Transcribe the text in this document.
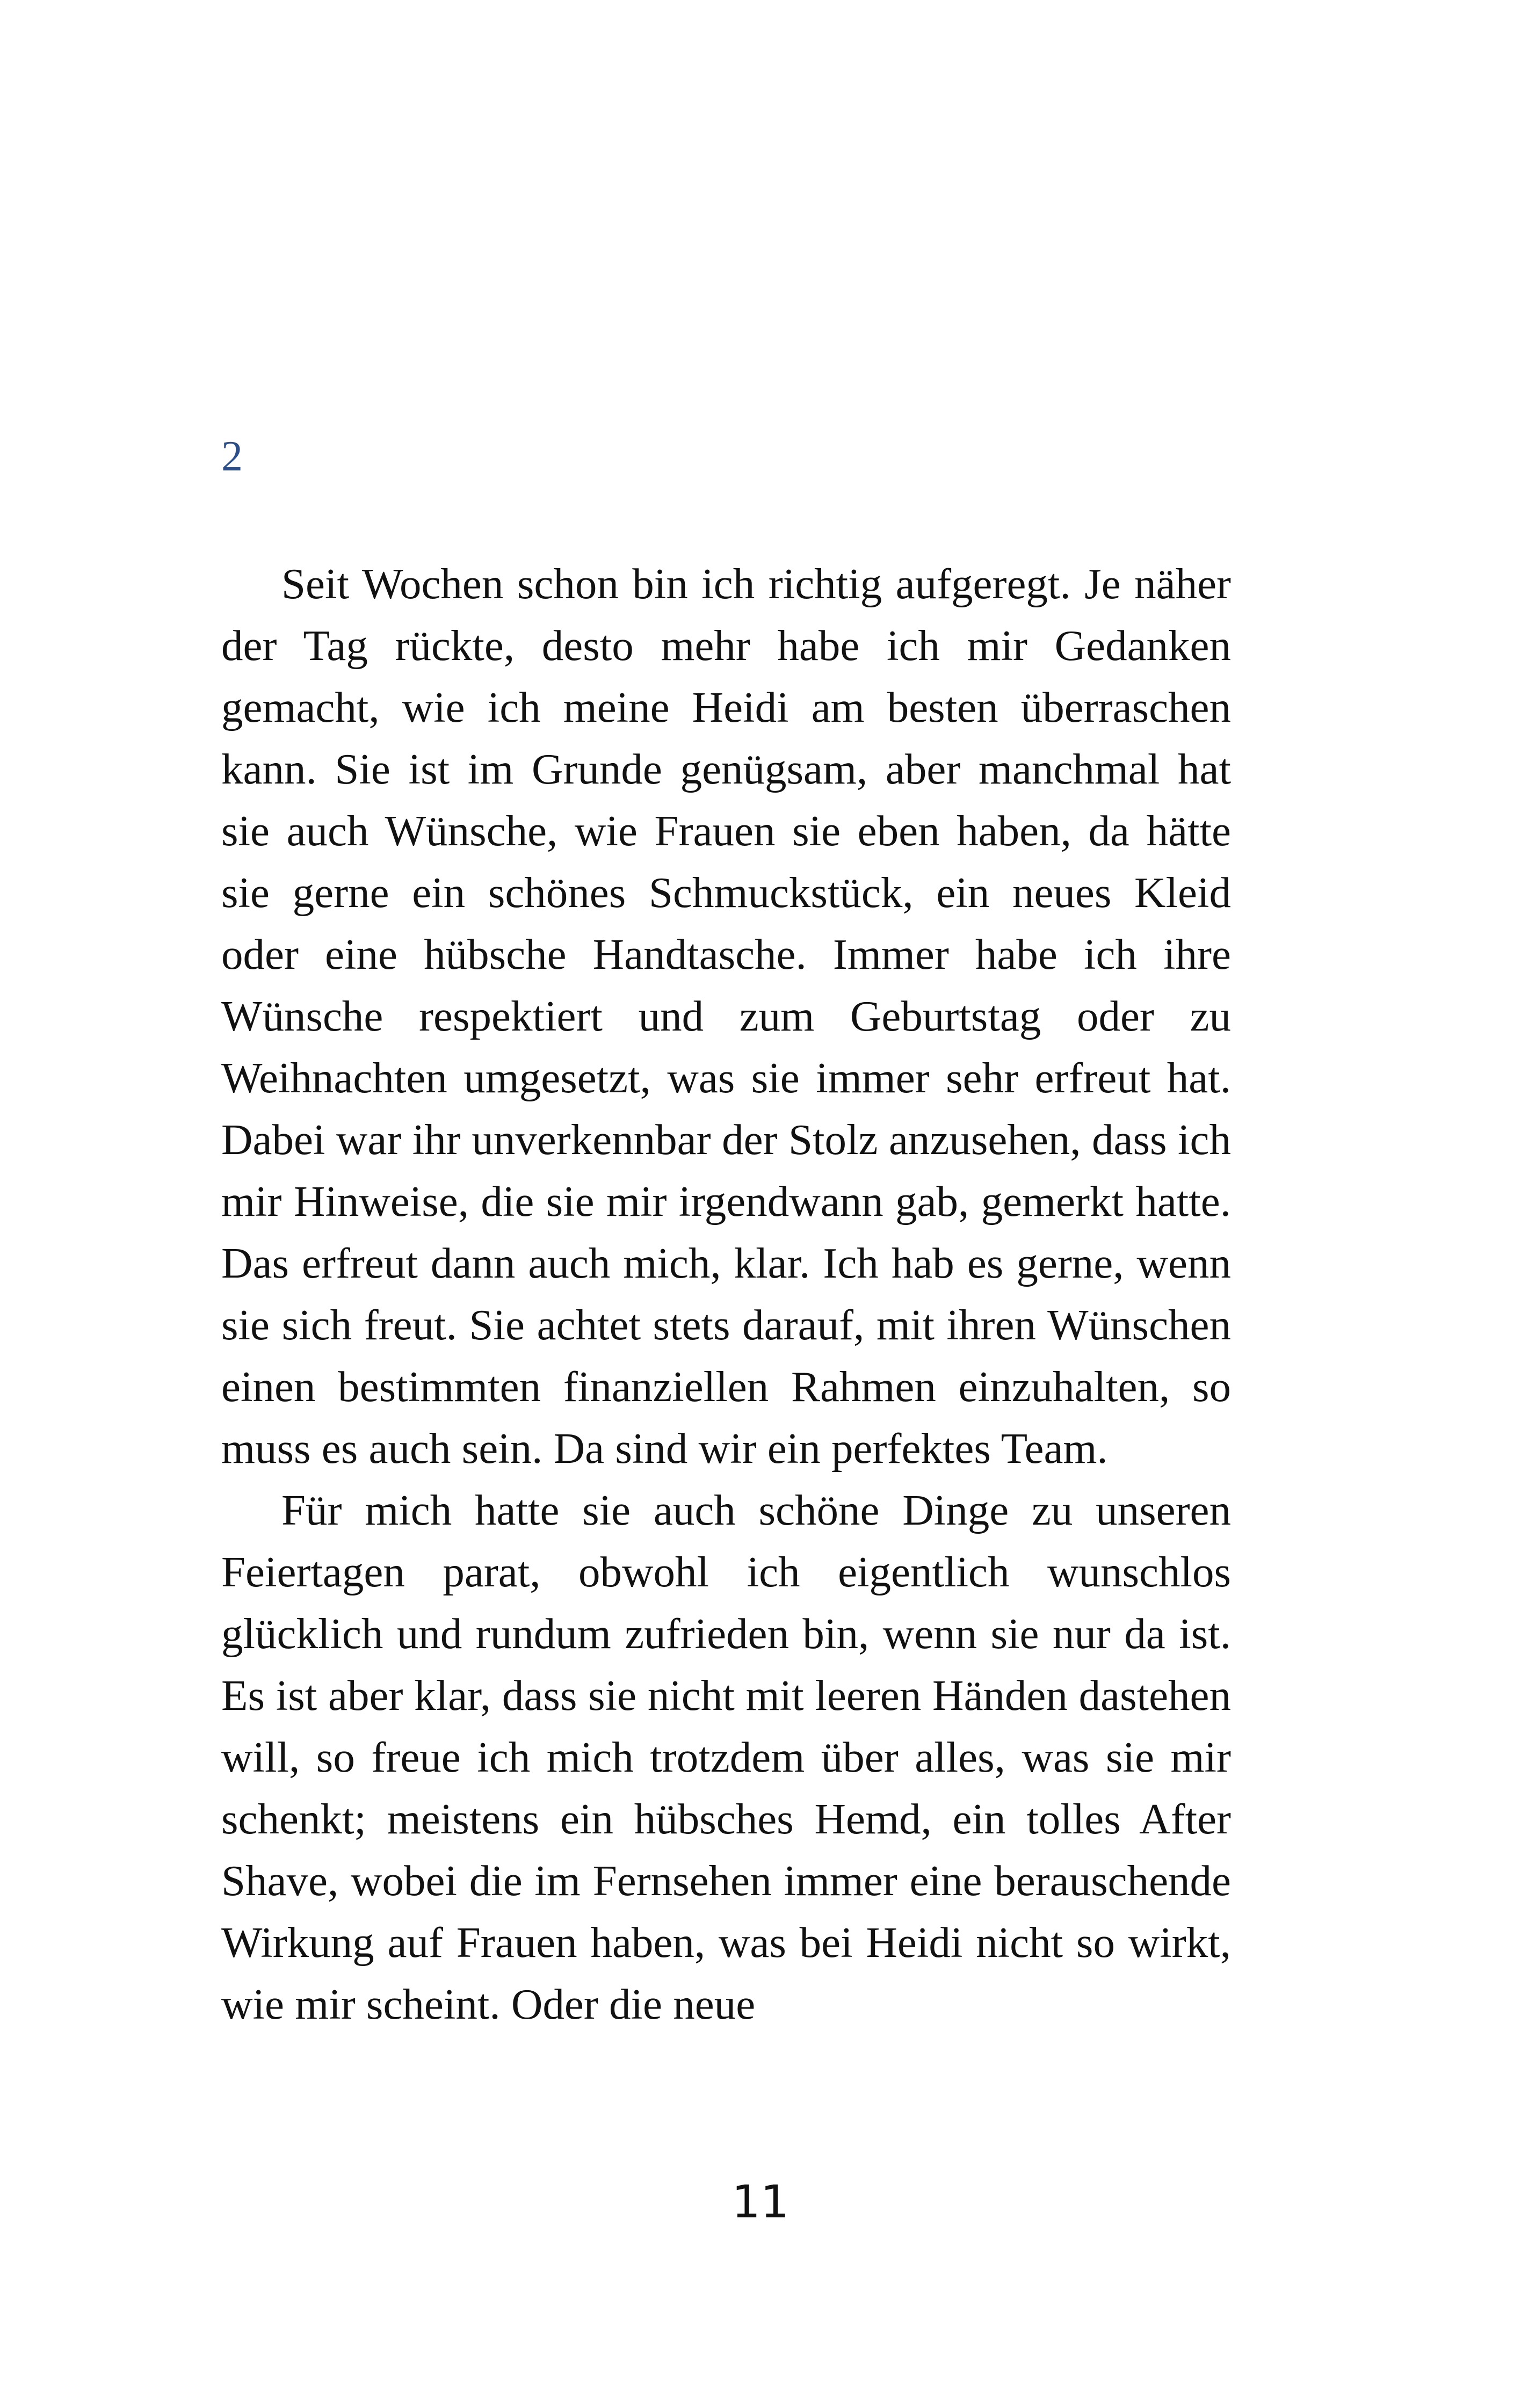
2

Seit Wochen schon bin ich richtig aufgeregt. Je näher der Tag rückte, desto mehr habe ich mir Gedanken gemacht, wie ich meine Heidi am besten überraschen kann. Sie ist im Grunde genügsam, aber manchmal hat sie auch Wünsche, wie Frauen sie eben haben, da hätte sie gerne ein schönes Schmuckstück, ein neues Kleid oder eine hübsche Handtasche. Immer habe ich ihre Wünsche respektiert und zum Geburtstag oder zu Weihnachten umgesetzt, was sie immer sehr erfreut hat. Dabei war ihr unverkennbar der Stolz anzusehen, dass ich mir Hinweise, die sie mir irgendwann gab, gemerkt hatte. Das erfreut dann auch mich, klar. Ich hab es gerne, wenn sie sich freut. Sie achtet stets darauf, mit ihren Wünschen einen bestimmten finanziellen Rahmen einzuhalten, so muss es auch sein. Da sind wir ein perfektes Team.

Für mich hatte sie auch schöne Dinge zu unseren Feiertagen parat, obwohl ich eigentlich wunschlos glücklich und rundum zufrieden bin, wenn sie nur da ist. Es ist aber klar, dass sie nicht mit leeren Händen dastehen will, so freue ich mich trotzdem über alles, was sie mir schenkt; meistens ein hübsches Hemd, ein tolles After Shave, wobei die im Fernsehen immer eine berauschende Wirkung auf Frauen haben, was bei Heidi nicht so wirkt, wie mir scheint. Oder die neue

11
